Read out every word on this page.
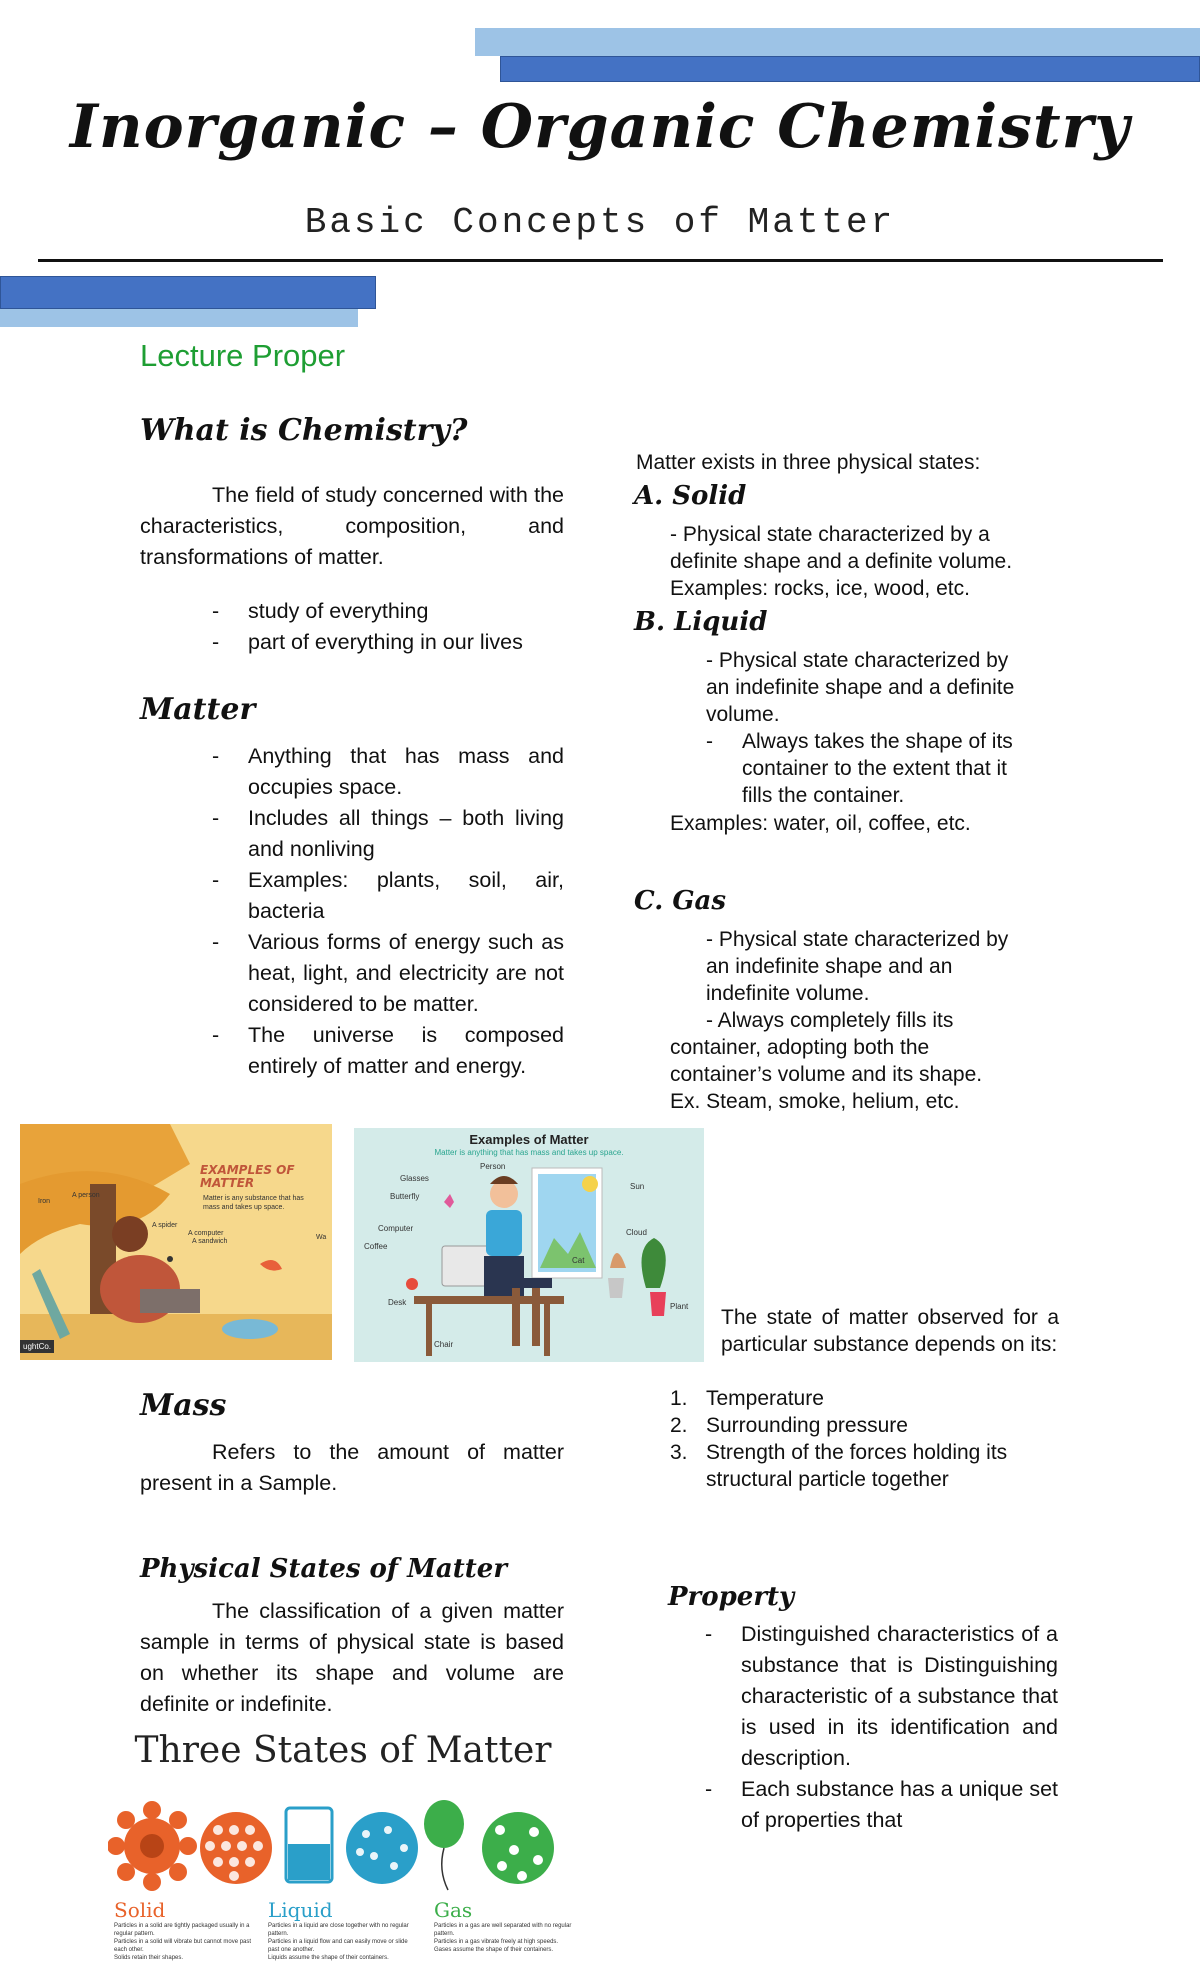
Inorganic – Organic Chemistry
Basic Concepts of Matter
Lecture Proper
What is Chemistry?
The field of study concerned with the characteristics, composition, and transformations of matter.
- study of everything
- part of everything in our lives
Matter
- Anything that has mass and occupies space.
- Includes all things – both living and nonliving
- Examples: plants, soil, air, bacteria
- Various forms of energy such as heat, light, and electricity are not considered to be matter.
- The universe is composed entirely of matter and energy.
EXAMPLES OF MATTER
Matter is any substance that has mass and takes up space.
A person
Iron
A spider
A computer
A sandwich
Wa
ughtCo.
Examples of Matter
Matter is anything that has mass and takes up space.
Person
Glasses
Butterfly
Sun
Computer
Coffee
Cloud
Cat
Desk	Plant
Chair
Mass
Refers to the amount of matter present in a Sample.
Physical States of Matter
The classification of a given matter sample in terms of physical state is based on whether its shape and volume are definite or indefinite.
Three States of Matter
Solid
Particles in a solid are tightly packaged usually in a regular pattern.
Particles in a solid will vibrate but cannot move past each other.
Solids retain their shapes.
Liquid
Particles in a liquid are close together with no regular pattern.
Particles in a liquid flow and can easily move or slide past one another.
Liquids assume the shape of their containers.
Gas
Particles in a gas are well separated with no regular pattern.
Particles in a gas vibrate freely at high speeds.
Gases assume the shape of their containers.
Matter exists in three physical states:
A. Solid
- Physical state characterized by a
definite shape and a definite volume.
Examples: rocks, ice, wood, etc.
B. Liquid
- Physical state characterized by
an indefinite shape and a definite
volume.
-	Always takes the shape of its container to the extent that it fills the container.
Examples: water, oil, coffee, etc.
C. Gas
- Physical state characterized by
an indefinite shape and an
indefinite volume.
- Always completely fills its
container, adopting both the
container’s volume and its shape.
Ex. Steam, smoke, helium, etc.
The state of matter observed for a particular substance depends on its:
1. Temperature
2. Surrounding pressure
3. Strength of the forces holding its structural particle together
Property
- Distinguished characteristics of a substance that is Distinguishing characteristic of a substance that is used in its identification and description.
- Each substance has a unique set of properties that
